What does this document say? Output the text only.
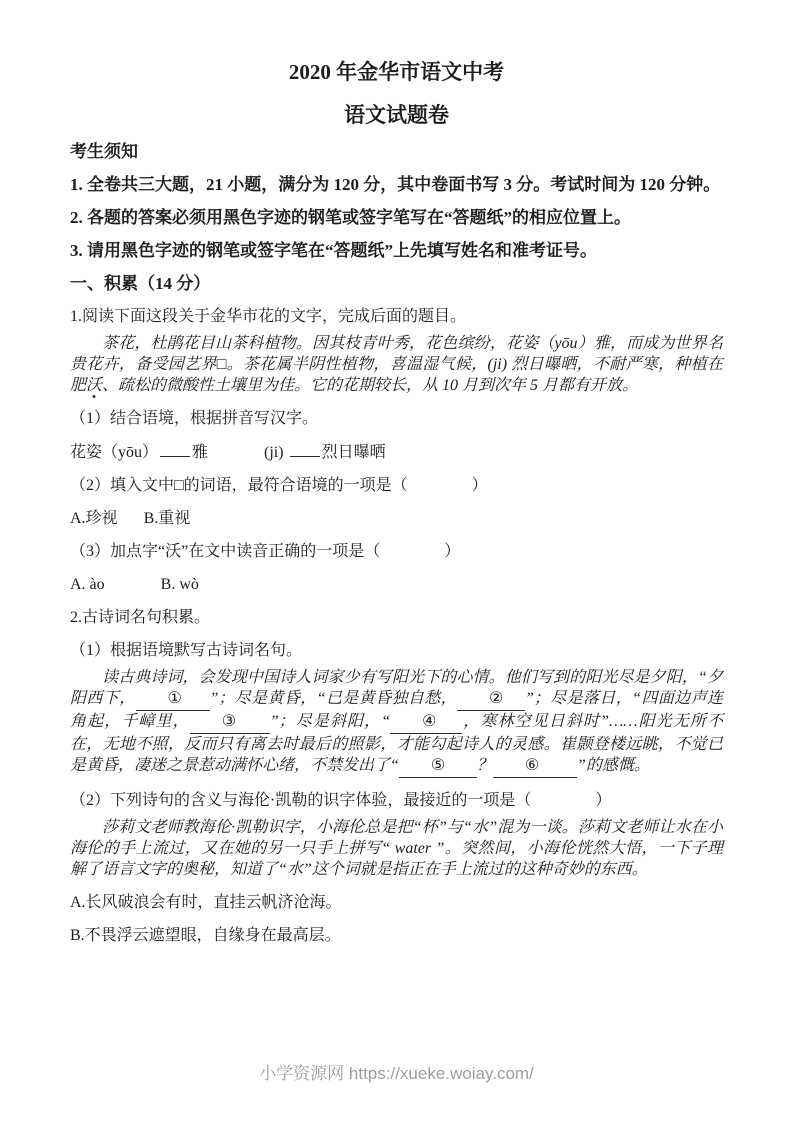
2020 年金华市语文中考
语文试题卷

考生须知

1. 全卷共三大题，21 小题，满分为 120 分，其中卷面书写 3 分。考试时间为 120 分钟。

2. 各题的答案必须用黑色字迹的钢笔或签字笔写在“答题纸”的相应位置上。

3. 请用黑色字迹的钢笔或签字笔在“答题纸”上先填写姓名和准考证号。

一、积累（14 分）

1.阅读下面这段关于金华市花的文字，完成后面的题目。

茶花，杜鹃花目山茶科植物。因其枝青叶秀，花色缤纷，花姿（yōu）雅，而成为世界名贵花卉，备受园艺界□。茶花属半阴性植物，喜温湿气候，(ji) 烈日曝晒，不耐严寒，种植在肥沃、疏松的微酸性土壤里为佳。它的花期较长，从 10 月到次年 5 月都有开放。

（1）结合语境，根据拼音写汉字。

花姿（yōu） 雅	(ji) 烈日曝晒

（2）填入文中□的词语，最符合语境的一项是（　　　　）

A.珍视 B.重视

（3）加点字“沃”在文中读音正确的一项是（　　　　）

A. ào	B. wò

2.古诗词名句积累。

（1）根据语境默写古诗词名句。

读古典诗词，会发现中国诗人词家少有写阳光下的心情。他们写到的阳光尽是夕阳，“夕阳西下， ① ”；尽是黄昏，“已是黄昏独自愁， ② ”；尽是落日，“四面边声连角起，千嶂里， ③ ”；尽是斜阳，“ ④ ，寒林空见日斜时”……阳光无所不在，无地不照，反而只有离去时最后的照影，才能勾起诗人的灵感。崔颢登楼远眺，不觉已是黄昏，凄迷之景惹动满怀心绪，不禁发出了“ ⑤ ？ ⑥ ”的感慨。

（2）下列诗句的含义与海伦·凯勒的识字体验，最接近的一项是（　　　　）

莎莉文老师教海伦·凯勒识字，小海伦总是把“杯”与“水”混为一谈。莎莉文老师让水在小海伦的手上流过，又在她的另一只手上拼写“ water ”。突然间，小海伦恍然大悟，一下子理解了语言文字的奥秘，知道了“水”这个词就是指正在手上流过的这种奇妙的东西。

A.长风破浪会有时，直挂云帆济沧海。

B.不畏浮云遮望眼，自缘身在最高层。

小学资源网 https://xueke.woiay.com/
